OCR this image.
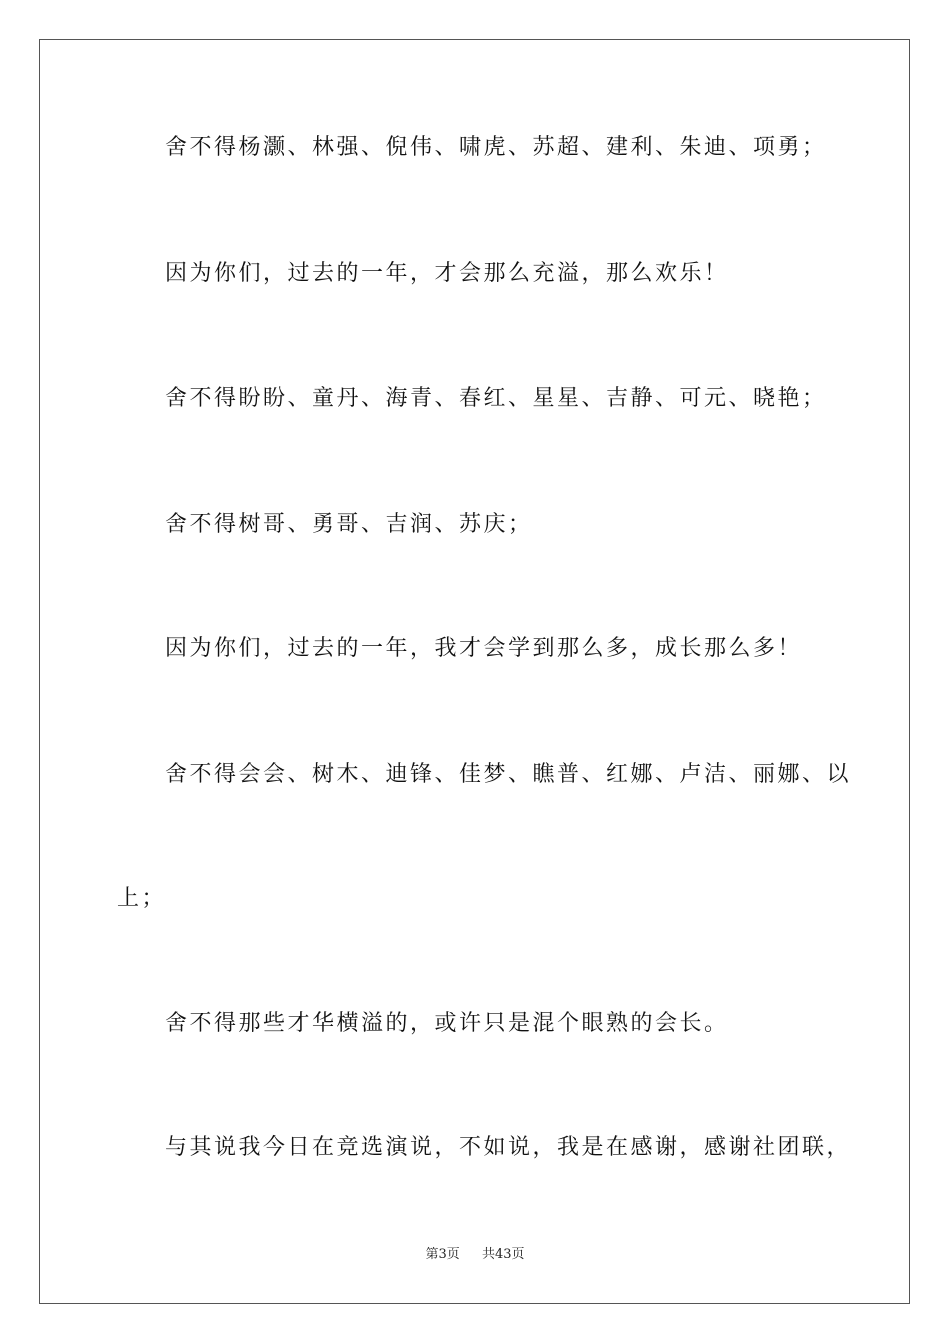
舍不得杨灏、林强、倪伟、啸虎、苏超、建利、朱迪、项勇；
因为你们，过去的一年，才会那么充溢，那么欢乐！
舍不得盼盼、童丹、海青、春红、星星、吉静、可元、晓艳；
舍不得树哥、勇哥、吉润、苏庆；
因为你们，过去的一年，我才会学到那么多，成长那么多！
舍不得会会、树木、迪锋、佳梦、瞧普、红娜、卢洁、丽娜、以
上；
舍不得那些才华横溢的，或许只是混个眼熟的会长。
与其说我今日在竞选演说，不如说，我是在感谢，感谢社团联，
第3页 共43页
